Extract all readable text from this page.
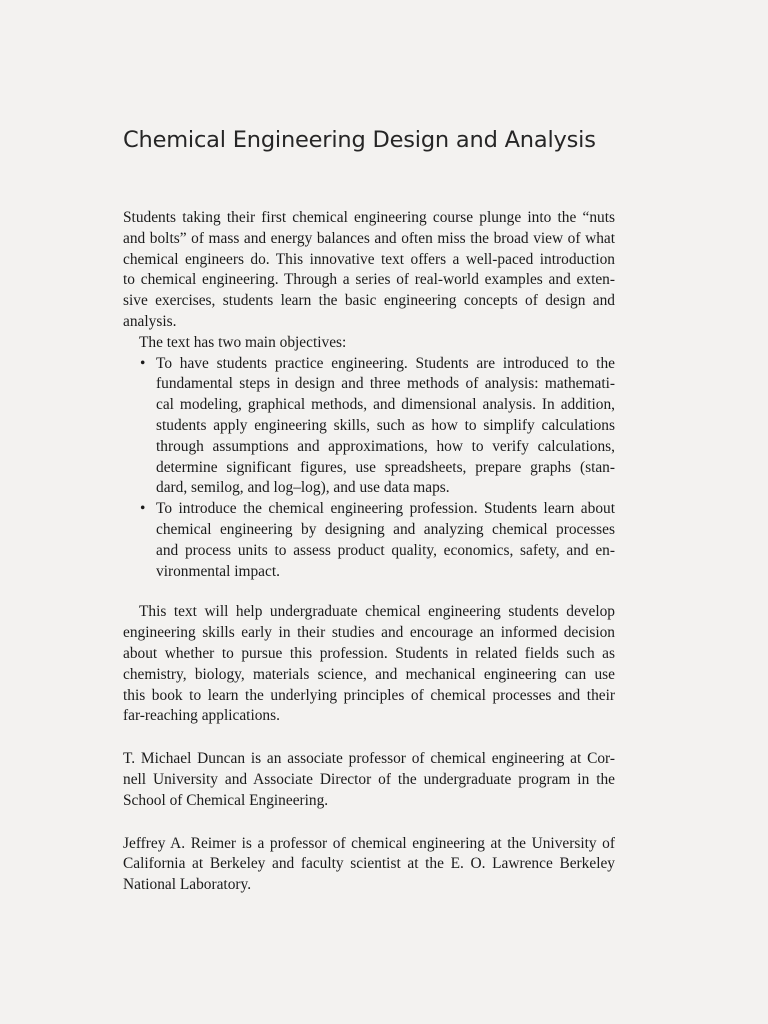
Chemical Engineering Design and Analysis
Students taking their first chemical engineering course plunge into the “nuts
and bolts” of mass and energy balances and often miss the broad view of what
chemical engineers do. This innovative text offers a well-paced introduction
to chemical engineering. Through a series of real-world examples and exten-
sive exercises, students learn the basic engineering concepts of design and
analysis.
The text has two main objectives:
• To have students practice engineering. Students are introduced to the
fundamental steps in design and three methods of analysis: mathemati-
cal modeling, graphical methods, and dimensional analysis. In addition,
students apply engineering skills, such as how to simplify calculations
through assumptions and approximations, how to verify calculations,
determine significant figures, use spreadsheets, prepare graphs (stan-
dard, semilog, and log–log), and use data maps.
• To introduce the chemical engineering profession. Students learn about
chemical engineering by designing and analyzing chemical processes
and process units to assess product quality, economics, safety, and en-
vironmental impact.
This text will help undergraduate chemical engineering students develop
engineering skills early in their studies and encourage an informed decision
about whether to pursue this profession. Students in related fields such as
chemistry, biology, materials science, and mechanical engineering can use
this book to learn the underlying principles of chemical processes and their
far-reaching applications.
T. Michael Duncan is an associate professor of chemical engineering at Cor-
nell University and Associate Director of the undergraduate program in the
School of Chemical Engineering.
Jeffrey A. Reimer is a professor of chemical engineering at the University of
California at Berkeley and faculty scientist at the E. O. Lawrence Berkeley
National Laboratory.
